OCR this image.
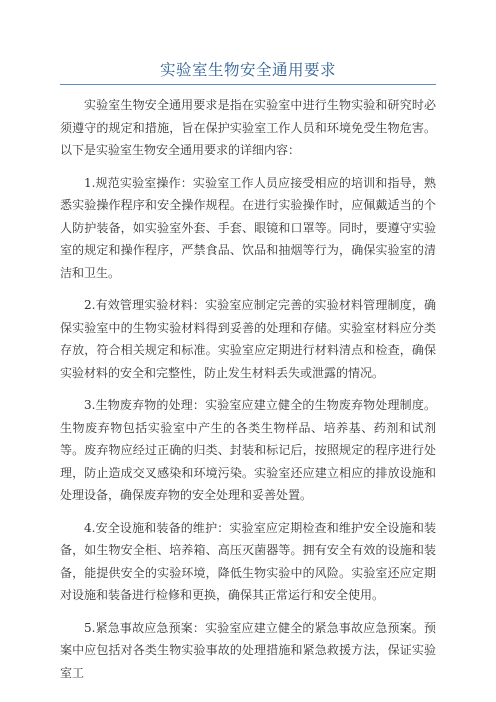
实验室生物安全通用要求

实验室生物安全通用要求是指在实验室中进行生物实验和研究时必须遵守的规定和措施，旨在保护实验室工作人员和环境免受生物危害。以下是实验室生物安全通用要求的详细内容：

1.规范实验室操作：实验室工作人员应接受相应的培训和指导，熟悉实验操作程序和安全操作规程。在进行实验操作时，应佩戴适当的个人防护装备，如实验室外套、手套、眼镜和口罩等。同时，要遵守实验室的规定和操作程序，严禁食品、饮品和抽烟等行为，确保实验室的清洁和卫生。

2.有效管理实验材料：实验室应制定完善的实验材料管理制度，确保实验室中的生物实验材料得到妥善的处理和存储。实验室材料应分类存放，符合相关规定和标准。实验室应定期进行材料清点和检查，确保实验材料的安全和完整性，防止发生材料丢失或泄露的情况。

3.生物废弃物的处理：实验室应建立健全的生物废弃物处理制度。生物废弃物包括实验室中产生的各类生物样品、培养基、药剂和试剂等。废弃物应经过正确的归类、封装和标记后，按照规定的程序进行处理，防止造成交叉感染和环境污染。实验室还应建立相应的排放设施和处理设备，确保废弃物的安全处理和妥善处置。

4.安全设施和装备的维护：实验室应定期检查和维护安全设施和装备，如生物安全柜、培养箱、高压灭菌器等。拥有安全有效的设施和装备，能提供安全的实验环境，降低生物实验中的风险。实验室还应定期对设施和装备进行检修和更换，确保其正常运行和安全使用。

5.紧急事故应急预案：实验室应建立健全的紧急事故应急预案。预案中应包括对各类生物实验事故的处理措施和紧急救援方法，保证实验室工
